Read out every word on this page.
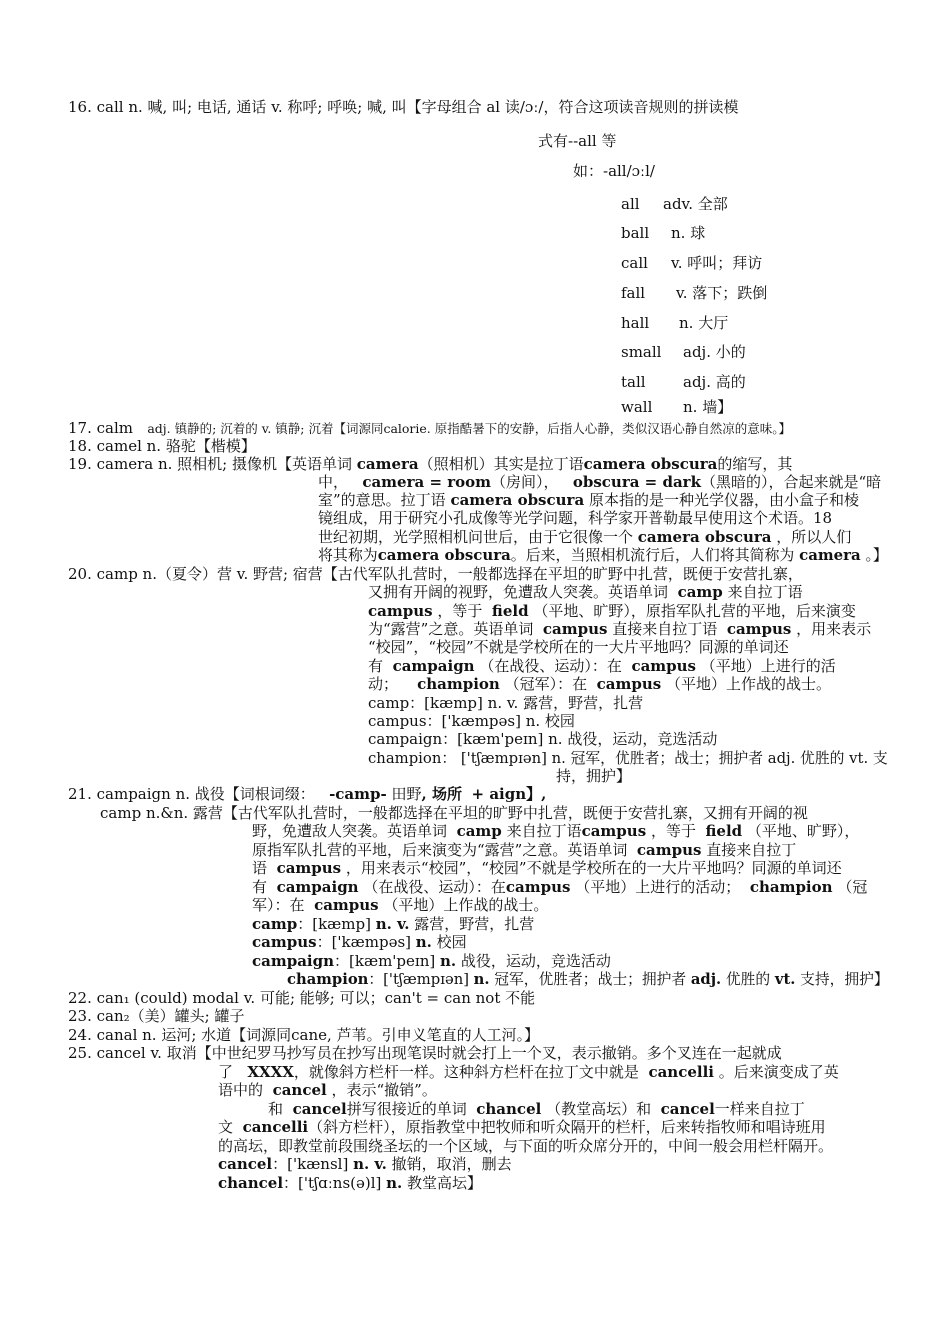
16. call n. 喊, 叫; 电话, 通话 v. 称呼; 呼唤; 喊, 叫【字母组合 al 读/ɔː/，符合这项读音规则的拼读模
式有--all 等
如：-all/ɔːl/
all adv. 全部
ball n. 球
call v. 呼叫；拜访
fall v. 落下；跌倒
hall n. 大厅
small adj. 小的
tall adj. 高的
wall n. 墙】
17. calm adj. 镇静的; 沉着的 v. 镇静; 沉着【词源同calorie. 原指酷暑下的安静，后指人心静，类似汉语心静自然凉的意味。】
18. camel n. 骆驼【楷模】
19. camera n. 照相机; 摄像机【英语单词 camera（照相机）其实是拉丁语camera obscura的缩写，其
中， camera = room（房间）， obscura = dark（黑暗的），合起来就是“暗
室”的意思。拉丁语 camera obscura 原本指的是一种光学仪器，由小盒子和棱
镜组成，用于研究小孔成像等光学问题，科学家开普勒最早使用这个术语。18
世纪初期，光学照相机问世后，由于它很像一个 camera obscura ，所以人们
将其称为camera obscura。后来，当照相机流行后，人们将其简称为 camera 。】
20. camp n.（夏令）营 v. 野营; 宿营【古代军队扎营时，一般都选择在平坦的旷野中扎营，既便于安营扎寨，
又拥有开阔的视野，免遭敌人突袭。英语单词 camp 来自拉丁语
campus ，等于 field （平地、旷野），原指军队扎营的平地，后来演变
为“露营”之意。英语单词 campus 直接来自拉丁语 campus ，用来表示
“校园”，“校园”不就是学校所在的一大片平地吗？同源的单词还
有 campaign （在战役、运动）：在 campus （平地）上进行的活
动； champion （冠军）：在 campus （平地）上作战的战士。
camp：[kæmp] n. v. 露营，野营，扎营
campus：['kæmpəs] n. 校园
campaign：[kæm'peɪn] n. 战役，运动，竞选活动
champion： ['tʃæmpɪən] n. 冠军，优胜者；战士；拥护者 adj. 优胜的 vt. 支
持，拥护】
21. campaign n. 战役【词根词缀： -camp- 田野, 场所 + aign】,
camp n.&n. 露营【古代军队扎营时，一般都选择在平坦的旷野中扎营，既便于安营扎寨，又拥有开阔的视
野，免遭敌人突袭。英语单词 camp 来自拉丁语campus ，等于 field （平地、旷野），
原指军队扎营的平地，后来演变为“露营”之意。英语单词 campus 直接来自拉丁
语 campus ，用来表示“校园”，“校园”不就是学校所在的一大片平地吗？同源的单词还
有 campaign （在战役、运动）：在campus （平地）上进行的活动； champion （冠
军）：在 campus （平地）上作战的战士。
camp：[kæmp] n. v. 露营，野营，扎营
campus：['kæmpəs] n. 校园
campaign：[kæm'peɪn] n. 战役，运动，竞选活动
champion：['tʃæmpɪən] n. 冠军，优胜者；战士；拥护者 adj. 优胜的 vt. 支持，拥护】
22. can₁ (could) modal v. 可能; 能够; 可以；can't = can not 不能
23. can₂（美）罐头; 罐子
24. canal n. 运河; 水道【词源同cane, 芦苇。引申义笔直的人工河。】
25. cancel v. 取消【中世纪罗马抄写员在抄写出现笔误时就会打上一个叉，表示撤销。多个叉连在一起就成
了 XXXX，就像斜方栏杆一样。这种斜方栏杆在拉丁文中就是 cancelli 。后来演变成了英
语中的 cancel ，表示“撤销”。
和 cancel拼写很接近的单词 chancel （教堂高坛）和 cancel一样来自拉丁
文 cancelli（斜方栏杆），原指教堂中把牧师和听众隔开的栏杆，后来转指牧师和唱诗班用
的高坛，即教堂前段围绕圣坛的一个区域，与下面的听众席分开的，中间一般会用栏杆隔开。
cancel：['kænsl] n. v. 撤销，取消，删去
chancel：['tʃɑːns(ə)l] n. 教堂高坛】
